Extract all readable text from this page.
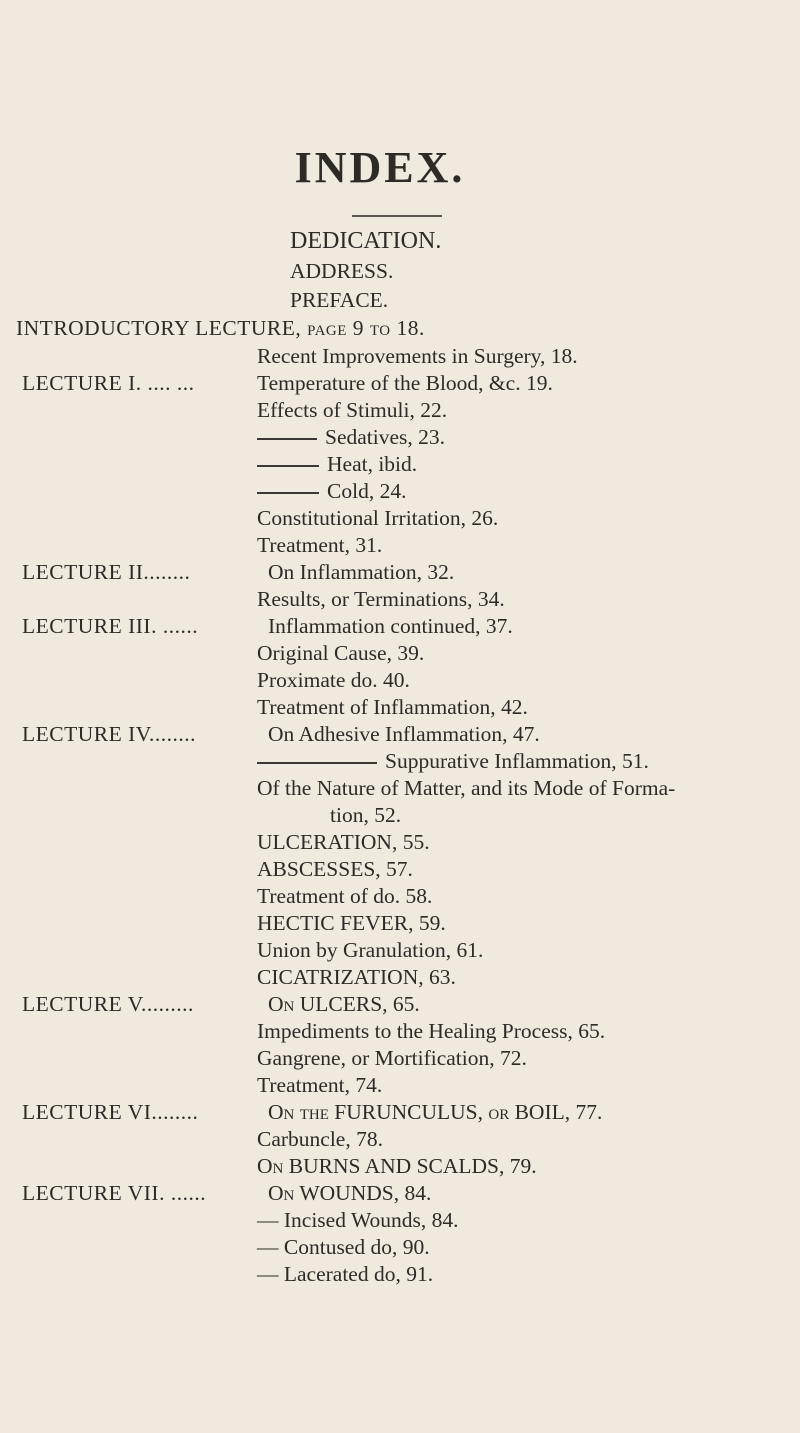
INDEX.
DEDICATION.
ADDRESS.
PREFACE.
INTRODUCTORY LECTURE, page 9 to 18.
Recent Improvements in Surgery, 18.
LECTURE I. .... ...	Temperature of the Blood, &c. 19.
Effects of Stimuli, 22.
Sedatives, 23.
Heat, ibid.
Cold, 24.
Constitutional Irritation, 26.
Treatment, 31.
LECTURE II........	On Inflammation, 32.
Results, or Terminations, 34.
LECTURE III. ......	Inflammation continued, 37.
Original Cause, 39.
Proximate do. 40.
Treatment of Inflammation, 42.
LECTURE IV........	On Adhesive Inflammation, 47.
Suppurative Inflammation, 51.
Of the Nature of Matter, and its Mode of Forma-
tion, 52.
ULCERATION, 55.
ABSCESSES, 57.
Treatment of do. 58.
HECTIC FEVER, 59.
Union by Granulation, 61.
CICATRIZATION, 63.
LECTURE V.........	On ULCERS, 65.
Impediments to the Healing Process, 65.
Gangrene, or Mortification, 72.
Treatment, 74.
LECTURE VI........	On the FURUNCULUS, or BOIL, 77.
Carbuncle, 78.
On BURNS AND SCALDS, 79.
LECTURE VII. ......	On WOUNDS, 84.
— Incised Wounds, 84.
— Contused do, 90.
— Lacerated do, 91.
